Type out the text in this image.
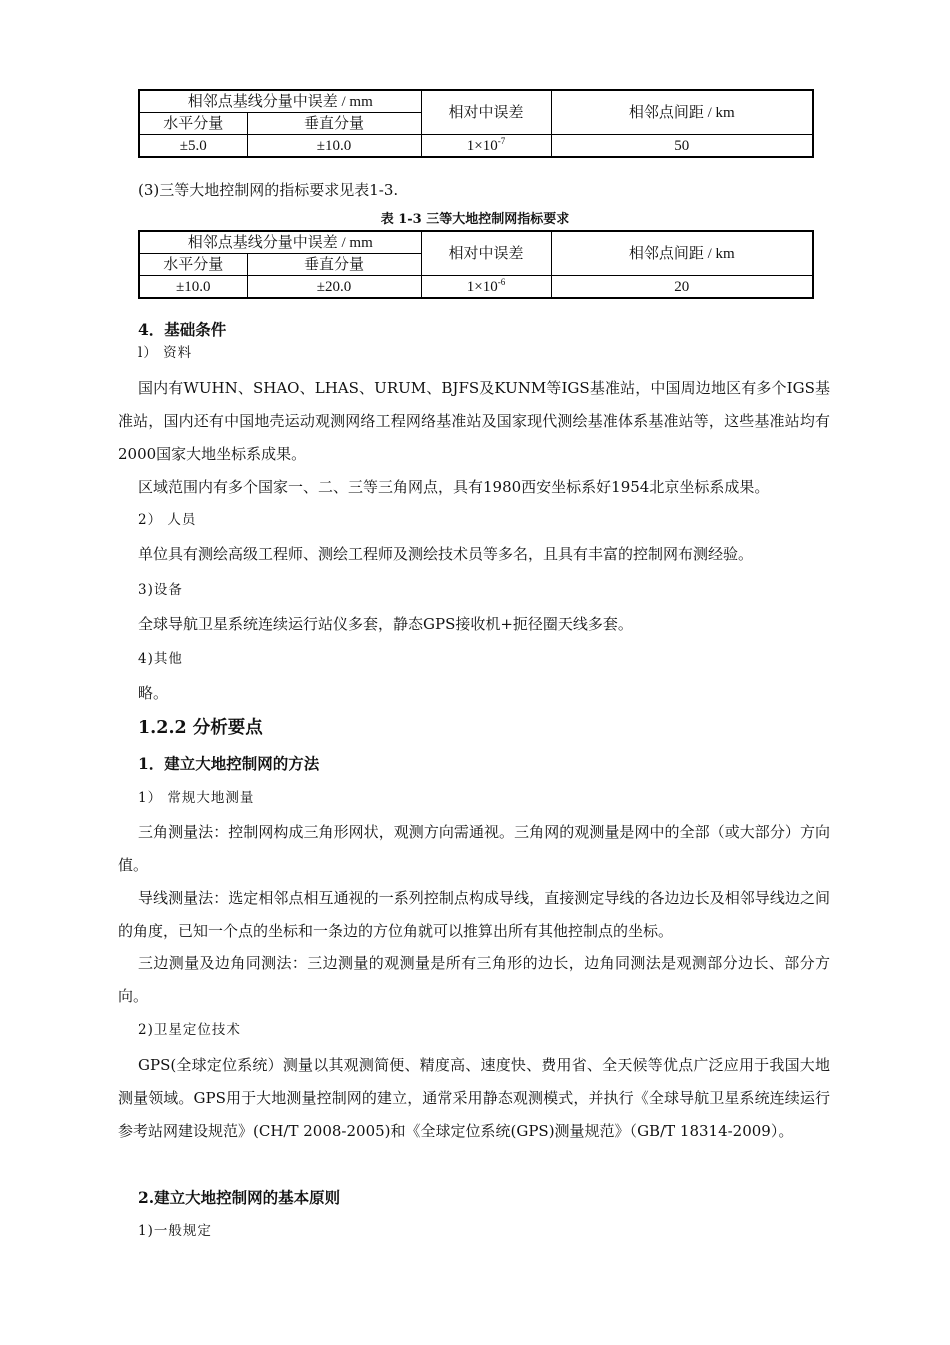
相邻点基线分量中误差 / mm		相对中误差	相邻点间距 / km
水平分量	垂直分量		
±5.0	±10.0	$1\times 10^{-7}$	50
(3)三等大地控制网的指标要求见表1-3.
表 1-3 三等大地控制网指标要求
相邻点基线分量中误差 / mm		相对中误差	相邻点间距 / km
水平分量	垂直分量		
±10.0	±20.0	$1\times 10^{-6}$	20
4．基础条件
l） 资料
国内有WUHN、SHAO、LHAS、URUM、BJFS及KUNM等IGS基准站，中国周边地区有多个IGS基准站，国内还有中国地壳运动观测网络工程网络基准站及国家现代测绘基准体系基准站等，这些基准站均有2000国家大地坐标系成果。
区域范围内有多个国家一、二、三等三角网点，具有1980西安坐标系好1954北京坐标系成果。
2） 人员
单位具有测绘高级工程师、测绘工程师及测绘技术员等多名，且具有丰富的控制网布测经验。
3)设备
全球导航卫星系统连续运行站仪多套，静态GPS接收机+扼径圈天线多套。
4)其他
略。
1.2.2 分析要点
1．建立大地控制网的方法
1） 常规大地测量
三角测量法：控制网构成三角形网状，观测方向需通视。三角网的观测量是网中的全部（或大部分）方向值。
导线测量法：选定相邻点相互通视的一系列控制点构成导线，直接测定导线的各边边长及相邻导线边之间的角度，已知一个点的坐标和一条边的方位角就可以推算出所有其他控制点的坐标。
三边测量及边角同测法：三边测量的观测量是所有三角形的边长，边角同测法是观测部分边长、部分方向。
2)卫星定位技术
GPS(全球定位系统）测量以其观测简便、精度高、速度快、费用省、全天候等优点广泛应用于我国大地测量领域。GPS用于大地测量控制网的建立，通常采用静态观测模式，并执行《全球导航卫星系统连续运行参考站网建设规范》(CH/T 2008-2005)和《全球定位系统(GPS)测量规范》（GB/T 18314-2009）。
2.建立大地控制网的基本原则
1)一般规定
